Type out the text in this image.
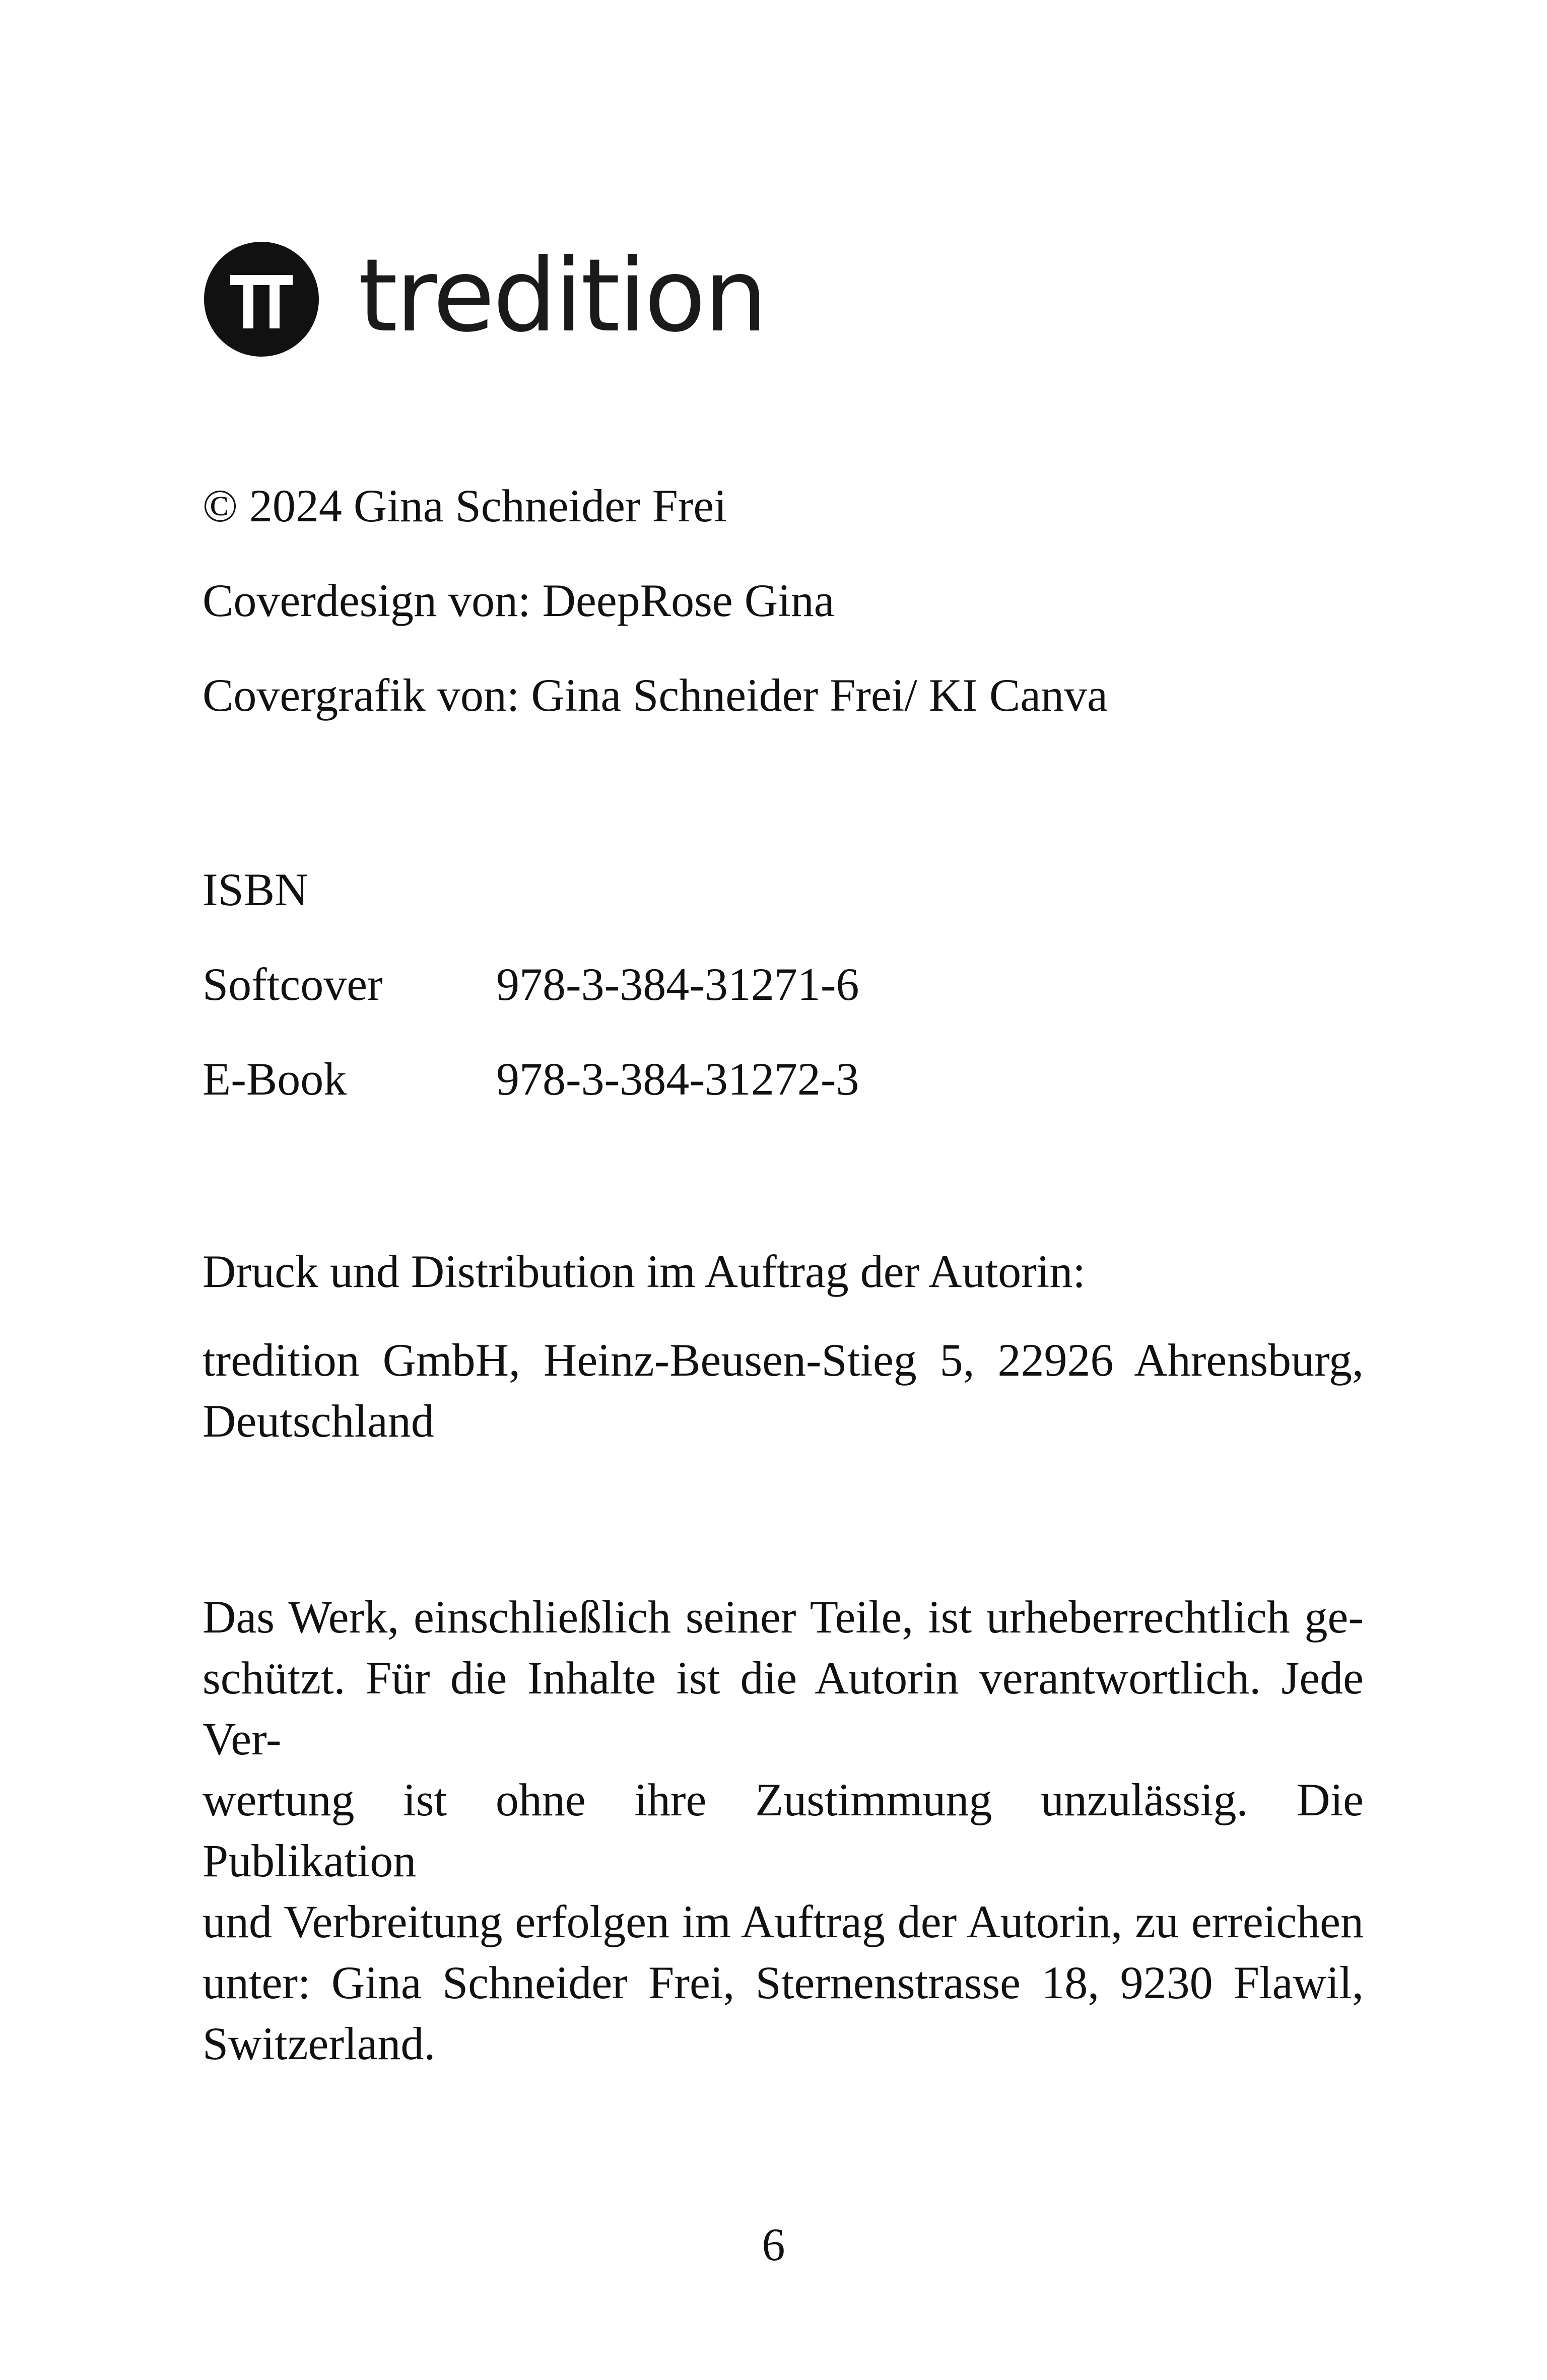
tredition
© 2024 Gina Schneider Frei
Coverdesign von: DeepRose Gina
Covergrafik von: Gina Schneider Frei/ KI Canva
ISBN
Softcover 978-3-384-31271-6
E-Book	978-3-384-31272-3
Druck und Distribution im Auftrag der Autorin:
tredition GmbH, Heinz-Beusen-Stieg 5, 22926 Ahrensburg,
Deutschland
Das Werk, einschließlich seiner Teile, ist urheberrechtlich ge-
schützt. Für die Inhalte ist die Autorin verantwortlich. Jede Ver-
wertung ist ohne ihre Zustimmung unzulässig. Die Publikation
und Verbreitung erfolgen im Auftrag der Autorin, zu erreichen
unter: Gina Schneider Frei, Sternenstrasse 18, 9230 Flawil,
Switzerland.
6
